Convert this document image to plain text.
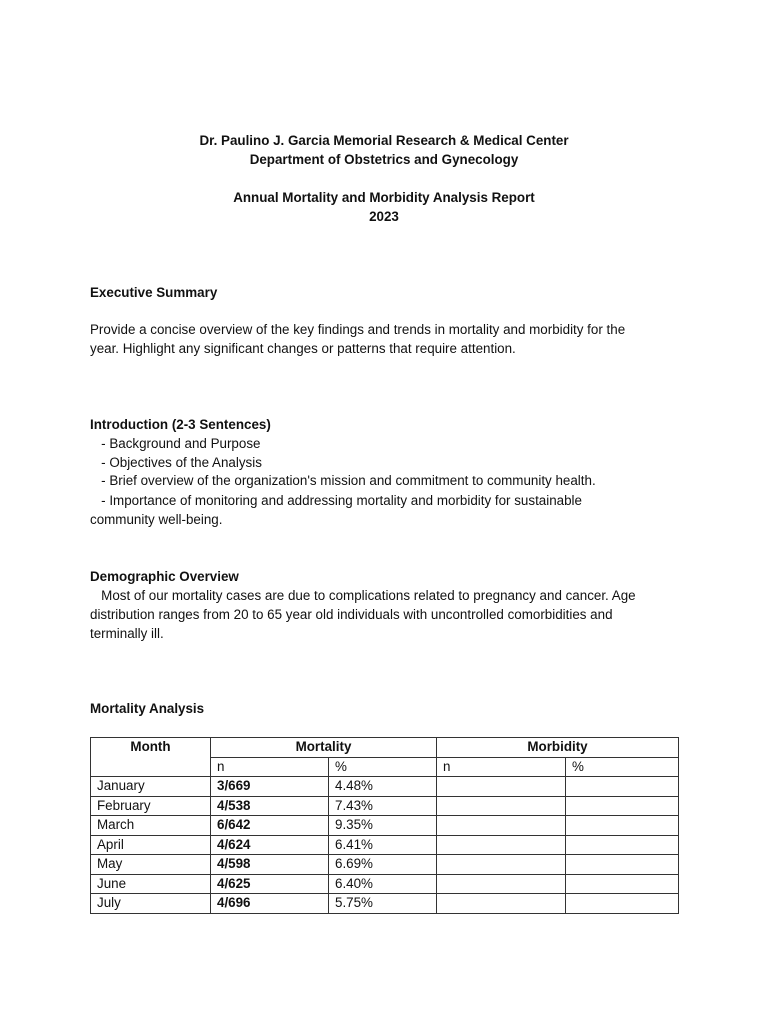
Dr. Paulino J. Garcia Memorial Research & Medical Center
Department of Obstetrics and Gynecology
Annual Mortality and Morbidity Analysis Report
2023
Executive Summary
Provide a concise overview of the key findings and trends in mortality and morbidity for the
year. Highlight any significant changes or patterns that require attention.
Introduction (2-3 Sentences)
- Background and Purpose
- Objectives of the Analysis
- Brief overview of the organization's mission and commitment to community health.
- Importance of monitoring and addressing mortality and morbidity for sustainable
community well-being.
Demographic Overview
Most of our mortality cases are due to complications related to pregnancy and cancer. Age
distribution ranges from 20 to 65 year old individuals with uncontrolled comorbidities and
terminally ill.
Mortality Analysis
Month	Mortality		Morbidity	
	n	%	n	%
January	3/669	4.48%		
February	4/538	7.43%		
March	6/642	9.35%		
April	4/624	6.41%		
May	4/598	6.69%		
June	4/625	6.40%		
July	4/696	5.75%		
